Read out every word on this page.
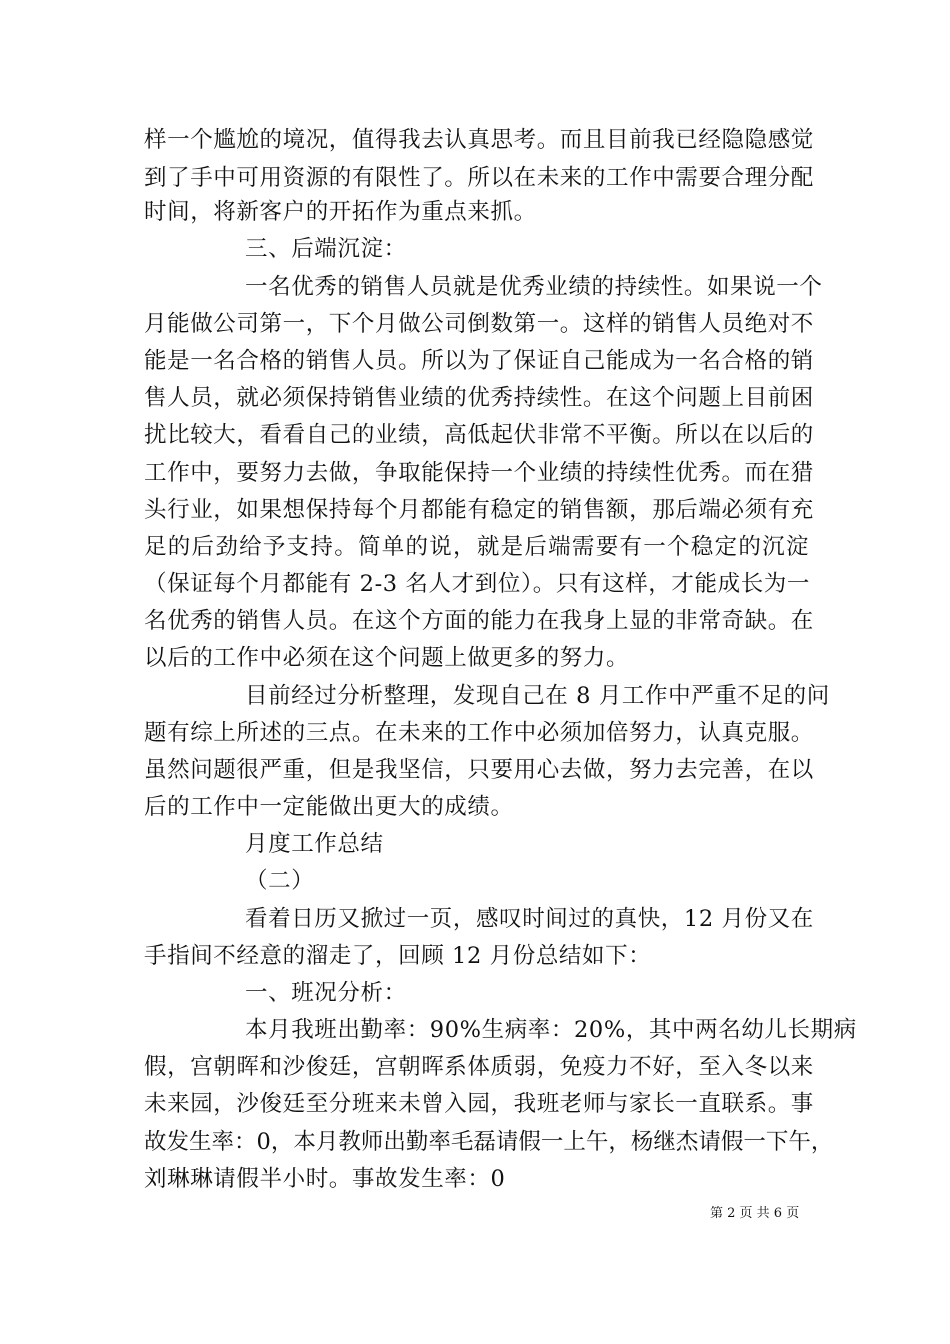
样一个尴尬的境况，值得我去认真思考。而且目前我已经隐隐感觉
到了手中可用资源的有限性了。所以在未来的工作中需要合理分配
时间，将新客户的开拓作为重点来抓。
三、后端沉淀：
一名优秀的销售人员就是优秀业绩的持续性。如果说一个
月能做公司第一，下个月做公司倒数第一。这样的销售人员绝对不
能是一名合格的销售人员。所以为了保证自己能成为一名合格的销
售人员，就必须保持销售业绩的优秀持续性。在这个问题上目前困
扰比较大，看看自己的业绩，高低起伏非常不平衡。所以在以后的
工作中，要努力去做，争取能保持一个业绩的持续性优秀。而在猎
头行业，如果想保持每个月都能有稳定的销售额，那后端必须有充
足的后劲给予支持。简单的说，就是后端需要有一个稳定的沉淀
（保证每个月都能有 2-3 名人才到位）。只有这样，才能成长为一
名优秀的销售人员。在这个方面的能力在我身上显的非常奇缺。在
以后的工作中必须在这个问题上做更多的努力。
目前经过分析整理，发现自己在 8 月工作中严重不足的问
题有综上所述的三点。在未来的工作中必须加倍努力，认真克服。
虽然问题很严重，但是我坚信，只要用心去做，努力去完善，在以
后的工作中一定能做出更大的成绩。
月度工作总结
（二）
看着日历又掀过一页，感叹时间过的真快，12 月份又在
手指间不经意的溜走了，回顾 12 月份总结如下：
一、班况分析：
本月我班出勤率：90%生病率：20%，其中两名幼儿长期病
假，宫朝晖和沙俊廷，宫朝晖系体质弱，免疫力不好，至入冬以来
未来园，沙俊廷至分班来未曾入园，我班老师与家长一直联系。事
故发生率：0，本月教师出勤率毛磊请假一上午，杨继杰请假一下午，
刘琳琳请假半小时。事故发生率：0
第 2 页 共 6 页
